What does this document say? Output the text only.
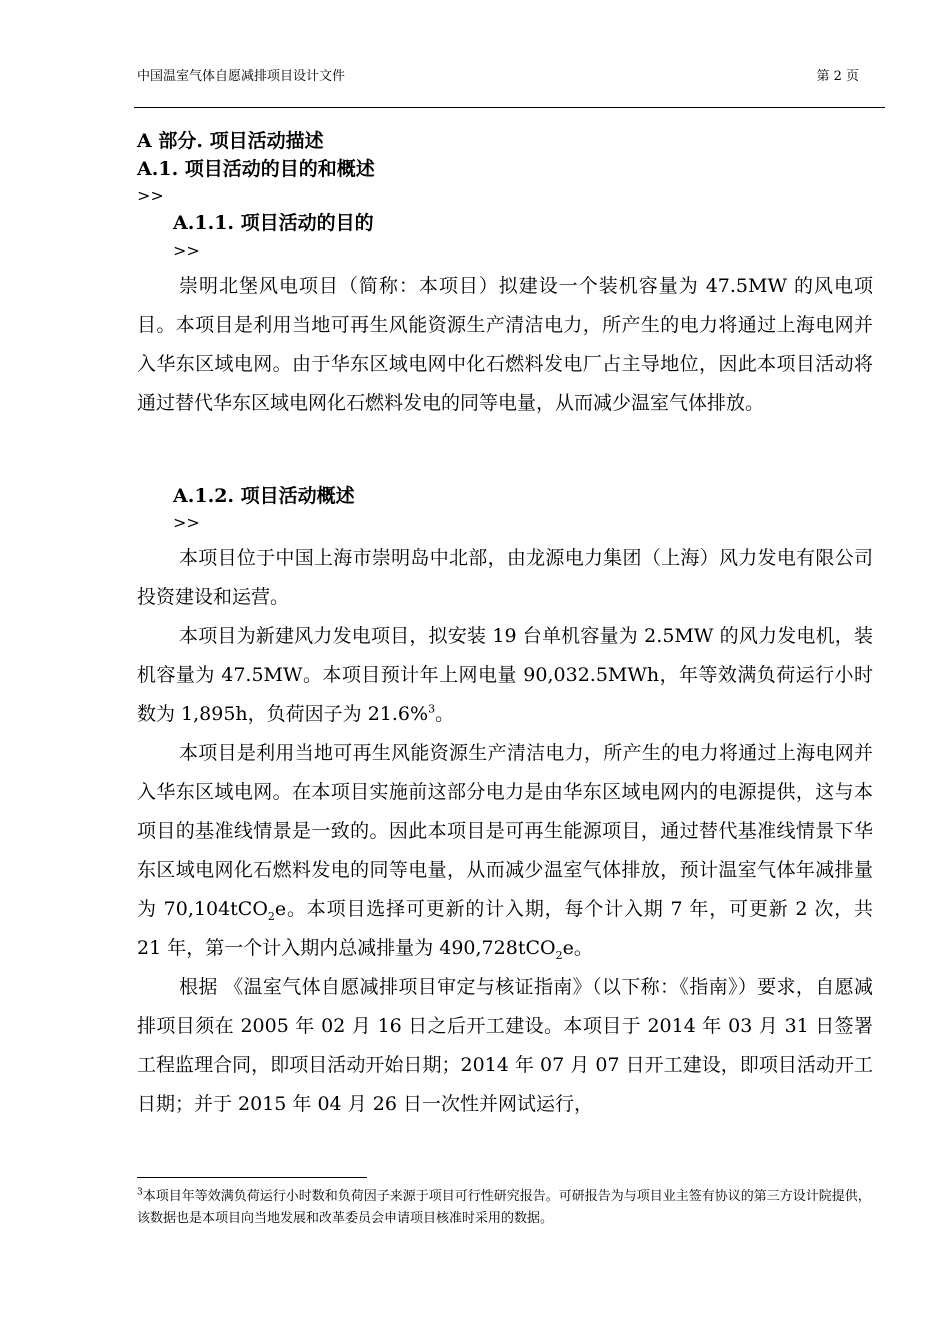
中国温室气体自愿减排项目设计文件	第 2 页
A 部分. 项目活动描述
A.1. 项目活动的目的和概述
>>
A.1.1. 项目活动的目的
>>

崇明北堡风电项目（简称：本项目）拟建设一个装机容量为 47.5MW 的风电项目。本项目是利用当地可再生风能资源生产清洁电力，所产生的电力将通过上海电网并入华东区域电网。由于华东区域电网中化石燃料发电厂占主导地位，因此本项目活动将通过替代华东区域电网化石燃料发电的同等电量，从而减少温室气体排放。

A.1.2. 项目活动概述
>>

本项目位于中国上海市崇明岛中北部，由龙源电力集团（上海）风力发电有限公司投资建设和运营。

本项目为新建风力发电项目，拟安装 19 台单机容量为 2.5MW 的风力发电机，装机容量为 47.5MW。本项目预计年上网电量 90,032.5MWh，年等效满负荷运行小时数为 1,895h，负荷因子为 21.6%$^3$。

本项目是利用当地可再生风能资源生产清洁电力，所产生的电力将通过上海电网并入华东区域电网。在本项目实施前这部分电力是由华东区域电网内的电源提供，这与本项目的基准线情景是一致的。因此本项目是可再生能源项目，通过替代基准线情景下华东区域电网化石燃料发电的同等电量，从而减少温室气体排放，预计温室气体年减排量为 70,104tCO$_2$e。本项目选择可更新的计入期，每个计入期 7 年，可更新 2 次，共 21 年，第一个计入期内总减排量为 490,728tCO$_2$e。

根据 《温室气体自愿减排项目审定与核证指南》（以下称：《指南》）要求，自愿减排项目须在 2005 年 02 月 16 日之后开工建设。本项目于 2014 年 03 月 31 日签署工程监理合同，即项目活动开始日期；2014 年 07 月 07 日开工建设，即项目活动开工日期；并于 2015 年 04 月 26 日一次性并网试运行，

$^3$本项目年等效满负荷运行小时数和负荷因子来源于项目可行性研究报告。可研报告为与项目业主签有协议的第三方设计院提供，该数据也是本项目向当地发展和改革委员会申请项目核准时采用的数据。
